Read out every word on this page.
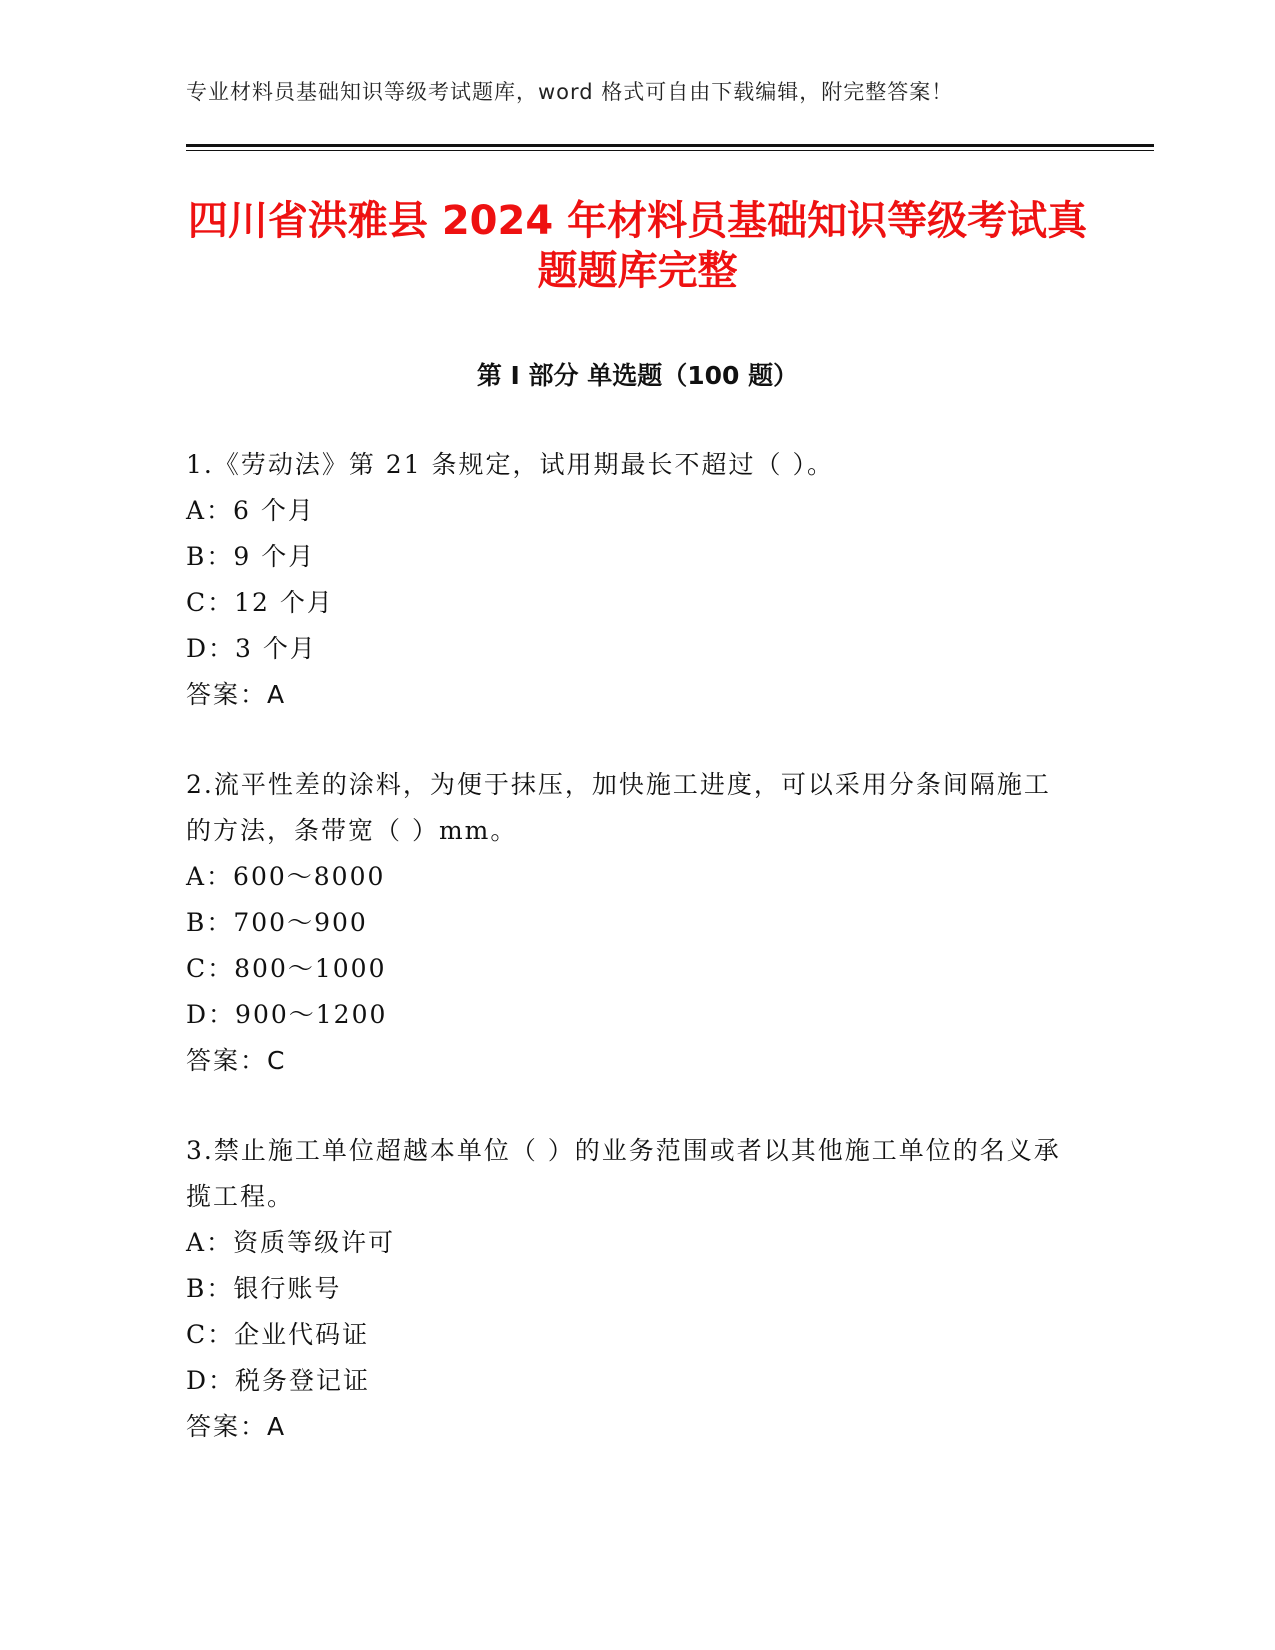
专业材料员基础知识等级考试题库，word 格式可自由下载编辑，附完整答案！
四川省洪雅县 2024 年材料员基础知识等级考试真题题库完整
第 I 部分 单选题（100 题）
1.《劳动法》第 21 条规定，试用期最长不超过（ ）。
A：6 个月
B：9 个月
C：12 个月
D：3 个月
答案：A
2.流平性差的涂料，为便于抹压，加快施工进度，可以采用分条间隔施工的方法，条带宽（ ）mm。
A：600～8000
B：700～900
C：800～1000
D：900～1200
答案：C
3.禁止施工单位超越本单位（ ）的业务范围或者以其他施工单位的名义承揽工程。
A：资质等级许可
B：银行账号
C：企业代码证
D：税务登记证
答案：A
